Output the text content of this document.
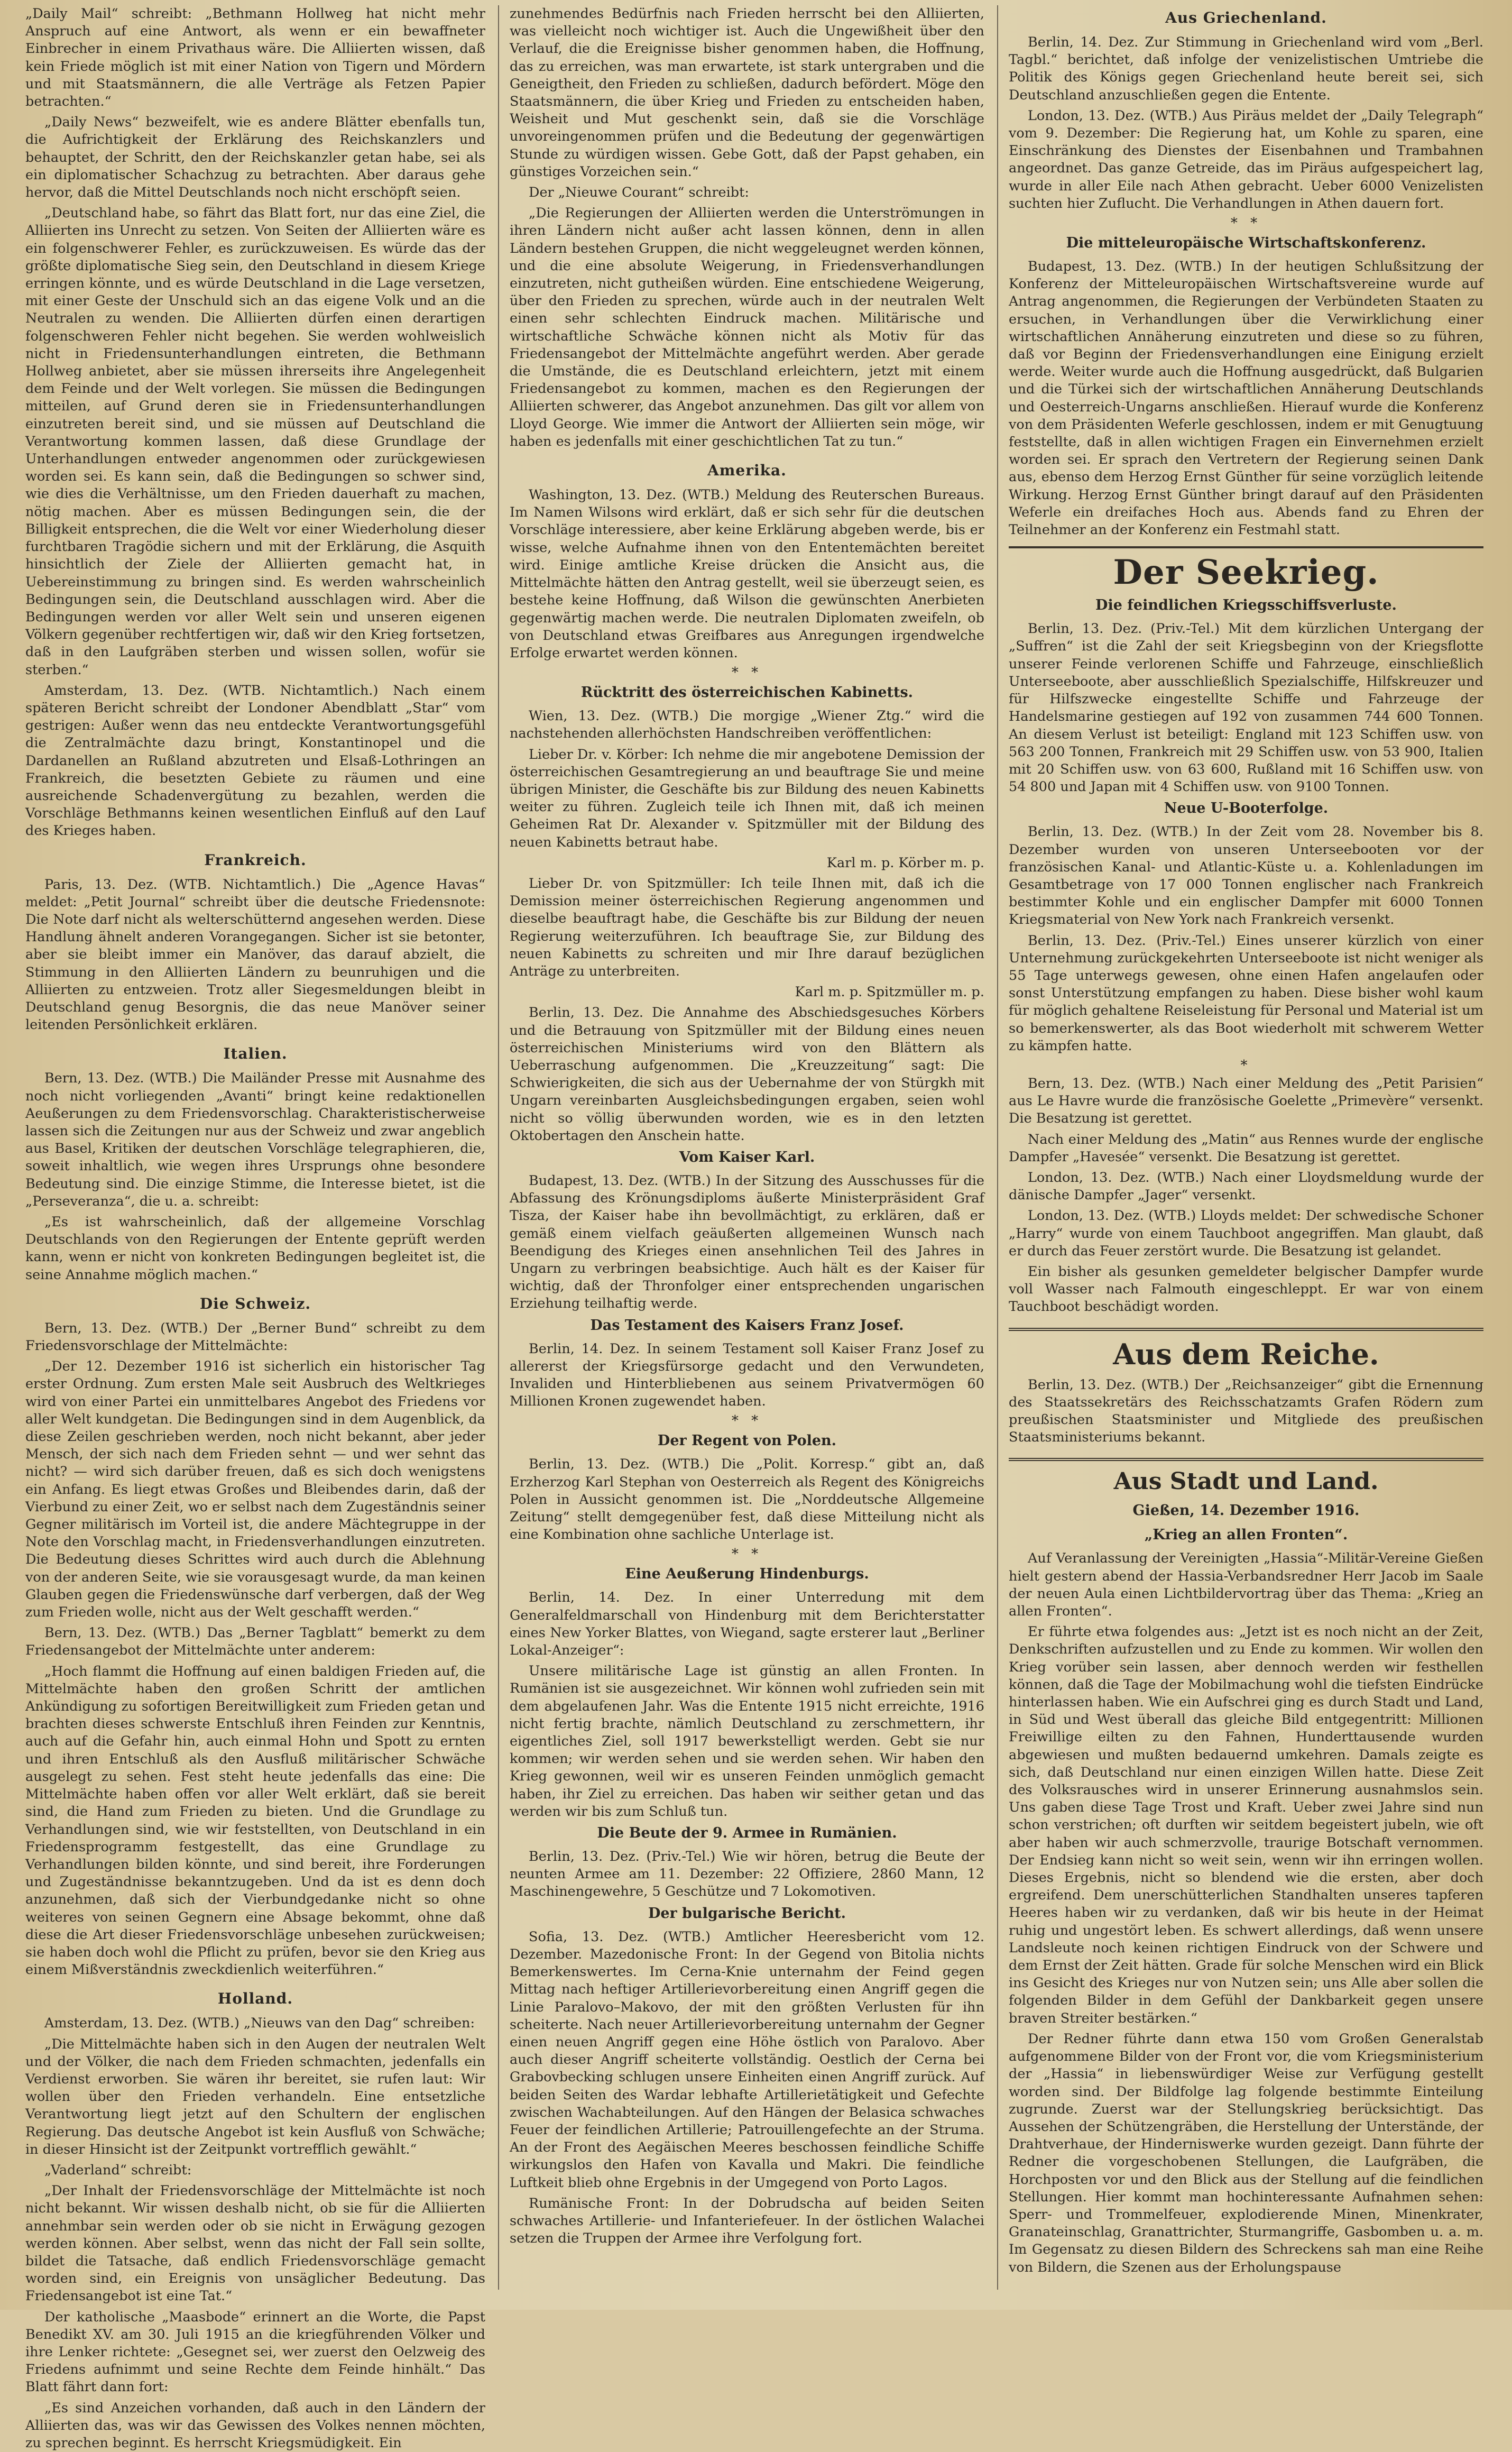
„Daily Mail“ schreibt: „Bethmann Hollweg hat nicht mehr Anspruch auf eine Antwort, als wenn er ein bewaffneter Einbrecher in einem Privathaus wäre. Die Alliierten wissen, daß kein Friede möglich ist mit einer Nation von Tigern und Mördern und mit Staatsmännern, die alle Verträge als Fetzen Papier betrachten.“

„Daily News“ bezweifelt, wie es andere Blätter ebenfalls tun, die Aufrichtigkeit der Erklärung des Reichskanzlers und behauptet, der Schritt, den der Reichskanzler getan habe, sei als ein diplomatischer Schachzug zu betrachten. Aber daraus gehe hervor, daß die Mittel Deutschlands noch nicht erschöpft seien.

„Deutschland habe, so fährt das Blatt fort, nur das eine Ziel, die Alliierten ins Unrecht zu setzen. Von Seiten der Alliierten wäre es ein folgenschwerer Fehler, es zurückzuweisen. Es würde das der größte diplomatische Sieg sein, den Deutschland in diesem Kriege erringen könnte, und es würde Deutschland in die Lage versetzen, mit einer Geste der Unschuld sich an das eigene Volk und an die Neutralen zu wenden. Die Alliierten dürfen einen derartigen folgenschweren Fehler nicht begehen. Sie werden wohlweislich nicht in Friedensunterhandlungen eintreten, die Bethmann Hollweg anbietet, aber sie müssen ihrerseits ihre Angelegenheit dem Feinde und der Welt vorlegen. Sie müssen die Bedingungen mitteilen, auf Grund deren sie in Friedensunterhandlungen einzutreten bereit sind, und sie müssen auf Deutschland die Verantwortung kommen lassen, daß diese Grundlage der Unterhandlungen entweder angenommen oder zurückgewiesen worden sei. Es kann sein, daß die Bedingungen so schwer sind, wie dies die Verhältnisse, um den Frieden dauerhaft zu machen, nötig machen. Aber es müssen Bedingungen sein, die der Billigkeit entsprechen, die die Welt vor einer Wiederholung dieser furchtbaren Tragödie sichern und mit der Erklärung, die Asquith hinsichtlich der Ziele der Alliierten gemacht hat, in Uebereinstimmung zu bringen sind. Es werden wahrscheinlich Bedingungen sein, die Deutschland ausschlagen wird. Aber die Bedingungen werden vor aller Welt sein und unseren eigenen Völkern gegenüber rechtfertigen wir, daß wir den Krieg fortsetzen, daß in den Laufgräben sterben und wissen sollen, wofür sie sterben.“

Amsterdam, 13. Dez. (WTB. Nichtamtlich.) Nach einem späteren Bericht schreibt der Londoner Abendblatt „Star“ vom gestrigen: Außer wenn das neu entdeckte Verantwortungsgefühl die Zentralmächte dazu bringt, Konstantinopel und die Dardanellen an Rußland abzutreten und Elsaß-Lothringen an Frankreich, die besetzten Gebiete zu räumen und eine ausreichende Schadenvergütung zu bezahlen, werden die Vorschläge Bethmanns keinen wesentlichen Einfluß auf den Lauf des Krieges haben.

Frankreich.

Paris, 13. Dez. (WTB. Nichtamtlich.) Die „Agence Havas“ meldet: „Petit Journal“ schreibt über die deutsche Friedensnote: Die Note darf nicht als welterschütternd angesehen werden. Diese Handlung ähnelt anderen Vorangegangen. Sicher ist sie betonter, aber sie bleibt immer ein Manöver, das darauf abzielt, die Stimmung in den Alliierten Ländern zu beunruhigen und die Alliierten zu entzweien. Trotz aller Siegesmeldungen bleibt in Deutschland genug Besorgnis, die das neue Manöver seiner leitenden Persönlichkeit erklären.

Italien.

Bern, 13. Dez. (WTB.) Die Mailänder Presse mit Ausnahme des noch nicht vorliegenden „Avanti“ bringt keine redaktionellen Aeußerungen zu dem Friedensvorschlag. Charakteristischerweise lassen sich die Zeitungen nur aus der Schweiz und zwar angeblich aus Basel, Kritiken der deutschen Vorschläge telegraphieren, die, soweit inhaltlich, wie wegen ihres Ursprungs ohne besondere Bedeutung sind. Die einzige Stimme, die Interesse bietet, ist die „Perseveranza“, die u. a. schreibt:

„Es ist wahrscheinlich, daß der allgemeine Vorschlag Deutschlands von den Regierungen der Entente geprüft werden kann, wenn er nicht von konkreten Bedingungen begleitet ist, die seine Annahme möglich machen.“

Die Schweiz.

Bern, 13. Dez. (WTB.) Der „Berner Bund“ schreibt zu dem Friedensvorschlage der Mittelmächte:

„Der 12. Dezember 1916 ist sicherlich ein historischer Tag erster Ordnung. Zum ersten Male seit Ausbruch des Weltkrieges wird von einer Partei ein unmittelbares Angebot des Friedens vor aller Welt kundgetan. Die Bedingungen sind in dem Augenblick, da diese Zeilen geschrieben werden, noch nicht bekannt, aber jeder Mensch, der sich nach dem Frieden sehnt — und wer sehnt das nicht? — wird sich darüber freuen, daß es sich doch wenigstens ein Anfang. Es liegt etwas Großes und Bleibendes darin, daß der Vierbund zu einer Zeit, wo er selbst nach dem Zugeständnis seiner Gegner militärisch im Vorteil ist, die andere Mächtegruppe in der Note den Vorschlag macht, in Friedensverhandlungen einzutreten. Die Bedeutung dieses Schrittes wird auch durch die Ablehnung von der anderen Seite, wie sie vorausgesagt wurde, da man keinen Glauben gegen die Friedenswünsche darf verbergen, daß der Weg zum Frieden wolle, nicht aus der Welt geschafft werden.“

Bern, 13. Dez. (WTB.) Das „Berner Tagblatt“ bemerkt zu dem Friedensangebot der Mittelmächte unter anderem:

„Hoch flammt die Hoffnung auf einen baldigen Frieden auf, die Mittelmächte haben den großen Schritt der amtlichen Ankündigung zu sofortigen Bereitwilligkeit zum Frieden getan und brachten dieses schwerste Entschluß ihren Feinden zur Kenntnis, auch auf die Gefahr hin, auch einmal Hohn und Spott zu ernten und ihren Entschluß als den Ausfluß militärischer Schwäche ausgelegt zu sehen. Fest steht heute jedenfalls das eine: Die Mittelmächte haben offen vor aller Welt erklärt, daß sie bereit sind, die Hand zum Frieden zu bieten. Und die Grundlage zu Verhandlungen sind, wie wir feststellten, von Deutschland in ein Friedensprogramm festgestellt, das eine Grundlage zu Verhandlungen bilden könnte, und sind bereit, ihre Forderungen und Zugeständnisse bekanntzugeben. Und da ist es denn doch anzunehmen, daß sich der Vierbundgedanke nicht so ohne weiteres von seinen Gegnern eine Absage bekommt, ohne daß diese die Art dieser Friedensvorschläge unbesehen zurückweisen; sie haben doch wohl die Pflicht zu prüfen, bevor sie den Krieg aus einem Mißverständnis zweckdienlich weiterführen.“

Holland.

Amsterdam, 13. Dez. (WTB.) „Nieuws van den Dag“ schreiben:

„Die Mittelmächte haben sich in den Augen der neutralen Welt und der Völker, die nach dem Frieden schmachten, jedenfalls ein Verdienst erworben. Sie wären ihr bereitet, sie rufen laut: Wir wollen über den Frieden verhandeln. Eine entsetzliche Verantwortung liegt jetzt auf den Schultern der englischen Regierung. Das deutsche Angebot ist kein Ausfluß von Schwäche; in dieser Hinsicht ist der Zeitpunkt vortrefflich gewählt.“

„Vaderland“ schreibt:

„Der Inhalt der Friedensvorschläge der Mittelmächte ist noch nicht bekannt. Wir wissen deshalb nicht, ob sie für die Alliierten annehmbar sein werden oder ob sie nicht in Erwägung gezogen werden können. Aber selbst, wenn das nicht der Fall sein sollte, bildet die Tatsache, daß endlich Friedensvorschläge gemacht worden sind, ein Ereignis von unsäglicher Bedeutung. Das Friedensangebot ist eine Tat.“

Der katholische „Maasbode“ erinnert an die Worte, die Papst Benedikt XV. am 30. Juli 1915 an die kriegführenden Völker und ihre Lenker richtete: „Gesegnet sei, wer zuerst den Oelzweig des Friedens aufnimmt und seine Rechte dem Feinde hinhält.“ Das Blatt fährt dann fort:

„Es sind Anzeichen vorhanden, daß auch in den Ländern der Alliierten das, was wir das Gewissen des Volkes nennen möchten, zu sprechen beginnt. Es herrscht Kriegsmüdigkeit. Ein

zunehmendes Bedürfnis nach Frieden herrscht bei den Alliierten, was vielleicht noch wichtiger ist. Auch die Ungewißheit über den Verlauf, die die Ereignisse bisher genommen haben, die Hoffnung, das zu erreichen, was man erwartete, ist stark untergraben und die Geneigtheit, den Frieden zu schließen, dadurch befördert. Möge den Staatsmännern, die über Krieg und Frieden zu entscheiden haben, Weisheit und Mut geschenkt sein, daß sie die Vorschläge unvoreingenommen prüfen und die Bedeutung der gegenwärtigen Stunde zu würdigen wissen. Gebe Gott, daß der Papst gehaben, ein günstiges Vorzeichen sein.“

Der „Nieuwe Courant“ schreibt:

„Die Regierungen der Alliierten werden die Unterströmungen in ihren Ländern nicht außer acht lassen können, denn in allen Ländern bestehen Gruppen, die nicht weggeleugnet werden können, und die eine absolute Weigerung, in Friedensverhandlungen einzutreten, nicht gutheißen würden. Eine entschiedene Weigerung, über den Frieden zu sprechen, würde auch in der neutralen Welt einen sehr schlechten Eindruck machen. Militärische und wirtschaftliche Schwäche können nicht als Motiv für das Friedensangebot der Mittelmächte angeführt werden. Aber gerade die Umstände, die es Deutschland erleichtern, jetzt mit einem Friedensangebot zu kommen, machen es den Regierungen der Alliierten schwerer, das Angebot anzunehmen. Das gilt vor allem von Lloyd George. Wie immer die Antwort der Alliierten sein möge, wir haben es jedenfalls mit einer geschichtlichen Tat zu tun.“

Amerika.

Washington, 13. Dez. (WTB.) Meldung des Reuterschen Bureaus. Im Namen Wilsons wird erklärt, daß er sich sehr für die deutschen Vorschläge interessiere, aber keine Erklärung abgeben werde, bis er wisse, welche Aufnahme ihnen von den Ententemächten bereitet wird. Einige amtliche Kreise drücken die Ansicht aus, die Mittelmächte hätten den Antrag gestellt, weil sie überzeugt seien, es bestehe keine Hoffnung, daß Wilson die gewünschten Anerbieten gegenwärtig machen werde. Die neutralen Diplomaten zweifeln, ob von Deutschland etwas Greifbares aus Anregungen irgendwelche Erfolge erwartet werden können.

* *
Rücktritt des österreichischen Kabinetts.

Wien, 13. Dez. (WTB.) Die morgige „Wiener Ztg.“ wird die nachstehenden allerhöchsten Handschreiben veröffentlichen:

Lieber Dr. v. Körber: Ich nehme die mir angebotene Demission der österreichischen Gesamtregierung an und beauftrage Sie und meine übrigen Minister, die Geschäfte bis zur Bildung des neuen Kabinetts weiter zu führen. Zugleich teile ich Ihnen mit, daß ich meinen Geheimen Rat Dr. Alexander v. Spitzmüller mit der Bildung des neuen Kabinetts betraut habe.

Karl m. p. Körber m. p.

Lieber Dr. von Spitzmüller: Ich teile Ihnen mit, daß ich die Demission meiner österreichischen Regierung angenommen und dieselbe beauftragt habe, die Geschäfte bis zur Bildung der neuen Regierung weiterzuführen. Ich beauftrage Sie, zur Bildung des neuen Kabinetts zu schreiten und mir Ihre darauf bezüglichen Anträge zu unterbreiten.

Karl m. p. Spitzmüller m. p.

Berlin, 13. Dez. Die Annahme des Abschiedsgesuches Körbers und die Betrauung von Spitzmüller mit der Bildung eines neuen österreichischen Ministeriums wird von den Blättern als Ueberraschung aufgenommen. Die „Kreuzzeitung“ sagt: Die Schwierigkeiten, die sich aus der Uebernahme der von Stürgkh mit Ungarn vereinbarten Ausgleichsbedingungen ergaben, seien wohl nicht so völlig überwunden worden, wie es in den letzten Oktobertagen den Anschein hatte.

Vom Kaiser Karl.

Budapest, 13. Dez. (WTB.) In der Sitzung des Ausschusses für die Abfassung des Krönungsdiploms äußerte Ministerpräsident Graf Tisza, der Kaiser habe ihn bevollmächtigt, zu erklären, daß er gemäß einem vielfach geäußerten allgemeinen Wunsch nach Beendigung des Krieges einen ansehnlichen Teil des Jahres in Ungarn zu verbringen beabsichtige. Auch hält es der Kaiser für wichtig, daß der Thronfolger einer entsprechenden ungarischen Erziehung teilhaftig werde.

Das Testament des Kaisers Franz Josef.

Berlin, 14. Dez. In seinem Testament soll Kaiser Franz Josef zu allererst der Kriegsfürsorge gedacht und den Verwundeten, Invaliden und Hinterbliebenen aus seinem Privatvermögen 60 Millionen Kronen zugewendet haben.

* *
Der Regent von Polen.

Berlin, 13. Dez. (WTB.) Die „Polit. Korresp.“ gibt an, daß Erzherzog Karl Stephan von Oesterreich als Regent des Königreichs Polen in Aussicht genommen ist. Die „Norddeutsche Allgemeine Zeitung“ stellt demgegenüber fest, daß diese Mitteilung nicht als eine Kombination ohne sachliche Unterlage ist.

* *
Eine Aeußerung Hindenburgs.

Berlin, 14. Dez. In einer Unterredung mit dem Generalfeldmarschall von Hindenburg mit dem Berichterstatter eines New Yorker Blattes, von Wiegand, sagte ersterer laut „Berliner Lokal-Anzeiger“:

Unsere militärische Lage ist günstig an allen Fronten. In Rumänien ist sie ausgezeichnet. Wir können wohl zufrieden sein mit dem abgelaufenen Jahr. Was die Entente 1915 nicht erreichte, 1916 nicht fertig brachte, nämlich Deutschland zu zerschmettern, ihr eigentliches Ziel, soll 1917 bewerkstelligt werden. Gebt sie nur kommen; wir werden sehen und sie werden sehen. Wir haben den Krieg gewonnen, weil wir es unseren Feinden unmöglich gemacht haben, ihr Ziel zu erreichen. Das haben wir seither getan und das werden wir bis zum Schluß tun.

Die Beute der 9. Armee in Rumänien.

Berlin, 13. Dez. (Priv.-Tel.) Wie wir hören, betrug die Beute der neunten Armee am 11. Dezember: 22 Offiziere, 2860 Mann, 12 Maschinengewehre, 5 Geschütze und 7 Lokomotiven.

Der bulgarische Bericht.

Sofia, 13. Dez. (WTB.) Amtlicher Heeresbericht vom 12. Dezember. Mazedonische Front: In der Gegend von Bitolia nichts Bemerkenswertes. Im Cerna-Knie unternahm der Feind gegen Mittag nach heftiger Artillerievorbereitung einen Angriff gegen die Linie Paralovo–Makovo, der mit den größten Verlusten für ihn scheiterte. Nach neuer Artillerievorbereitung unternahm der Gegner einen neuen Angriff gegen eine Höhe östlich von Paralovo. Aber auch dieser Angriff scheiterte vollständig. Oestlich der Cerna bei Grabovbecking schlugen unsere Einheiten einen Angriff zurück. Auf beiden Seiten des Wardar lebhafte Artillerietätigkeit und Gefechte zwischen Wachabteilungen. Auf den Hängen der Belasica schwaches Feuer der feindlichen Artillerie; Patrouillengefechte an der Struma. An der Front des Aegäischen Meeres beschossen feindliche Schiffe wirkungslos den Hafen von Kavalla und Makri. Die feindliche Luftkeit blieb ohne Ergebnis in der Umgegend von Porto Lagos.

Rumänische Front: In der Dobrudscha auf beiden Seiten schwaches Artillerie- und Infanteriefeuer. In der östlichen Walachei setzen die Truppen der Armee ihre Verfolgung fort.

Aus Griechenland.

Berlin, 14. Dez. Zur Stimmung in Griechenland wird vom „Berl. Tagbl.“ berichtet, daß infolge der venizelistischen Umtriebe die Politik des Königs gegen Griechenland heute bereit sei, sich Deutschland anzuschließen gegen die Entente.

London, 13. Dez. (WTB.) Aus Piräus meldet der „Daily Telegraph“ vom 9. Dezember: Die Regierung hat, um Kohle zu sparen, eine Einschränkung des Dienstes der Eisenbahnen und Trambahnen angeordnet. Das ganze Getreide, das im Piräus aufgespeichert lag, wurde in aller Eile nach Athen gebracht. Ueber 6000 Venizelisten suchten hier Zuflucht. Die Verhandlungen in Athen dauern fort.

* *
Die mitteleuropäische Wirtschaftskonferenz.

Budapest, 13. Dez. (WTB.) In der heutigen Schlußsitzung der Konferenz der Mitteleuropäischen Wirtschaftsvereine wurde auf Antrag angenommen, die Regierungen der Verbündeten Staaten zu ersuchen, in Verhandlungen über die Verwirklichung einer wirtschaftlichen Annäherung einzutreten und diese so zu führen, daß vor Beginn der Friedensverhandlungen eine Einigung erzielt werde. Weiter wurde auch die Hoffnung ausgedrückt, daß Bulgarien und die Türkei sich der wirtschaftlichen Annäherung Deutschlands und Oesterreich-Ungarns anschließen. Hierauf wurde die Konferenz von dem Präsidenten Weferle geschlossen, indem er mit Genugtuung feststellte, daß in allen wichtigen Fragen ein Einvernehmen erzielt worden sei. Er sprach den Vertretern der Regierung seinen Dank aus, ebenso dem Herzog Ernst Günther für seine vorzüglich leitende Wirkung. Herzog Ernst Günther bringt darauf auf den Präsidenten Weferle ein dreifaches Hoch aus. Abends fand zu Ehren der Teilnehmer an der Konferenz ein Festmahl statt.

Der Seekrieg.
Die feindlichen Kriegsschiffsverluste.

Berlin, 13. Dez. (Priv.-Tel.) Mit dem kürzlichen Untergang der „Suffren“ ist die Zahl der seit Kriegsbeginn von der Kriegsflotte unserer Feinde verlorenen Schiffe und Fahrzeuge, einschließlich Unterseeboote, aber ausschließlich Spezialschiffe, Hilfskreuzer und für Hilfszwecke eingestellte Schiffe und Fahrzeuge der Handelsmarine gestiegen auf 192 von zusammen 744 600 Tonnen. An diesem Verlust ist beteiligt: England mit 123 Schiffen usw. von 563 200 Tonnen, Frankreich mit 29 Schiffen usw. von 53 900, Italien mit 20 Schiffen usw. von 63 600, Rußland mit 16 Schiffen usw. von 54 800 und Japan mit 4 Schiffen usw. von 9100 Tonnen.

Neue U-Booterfolge.

Berlin, 13. Dez. (WTB.) In der Zeit vom 28. November bis 8. Dezember wurden von unseren Unterseebooten vor der französischen Kanal- und Atlantic-Küste u. a. Kohlenladungen im Gesamtbetrage von 17 000 Tonnen englischer nach Frankreich bestimmter Kohle und ein englischer Dampfer mit 6000 Tonnen Kriegsmaterial von New York nach Frankreich versenkt.

Berlin, 13. Dez. (Priv.-Tel.) Eines unserer kürzlich von einer Unternehmung zurückgekehrten Unterseeboote ist nicht weniger als 55 Tage unterwegs gewesen, ohne einen Hafen angelaufen oder sonst Unterstützung empfangen zu haben. Diese bisher wohl kaum für möglich gehaltene Reiseleistung für Personal und Material ist um so bemerkenswerter, als das Boot wiederholt mit schwerem Wetter zu kämpfen hatte.

*

Bern, 13. Dez. (WTB.) Nach einer Meldung des „Petit Parisien“ aus Le Havre wurde die französische Goelette „Primevère“ versenkt. Die Besatzung ist gerettet.

Nach einer Meldung des „Matin“ aus Rennes wurde der englische Dampfer „Havesée“ versenkt. Die Besatzung ist gerettet.

London, 13. Dez. (WTB.) Nach einer Lloydsmeldung wurde der dänische Dampfer „Jager“ versenkt.

London, 13. Dez. (WTB.) Lloyds meldet: Der schwedische Schoner „Harry“ wurde von einem Tauchboot angegriffen. Man glaubt, daß er durch das Feuer zerstört wurde. Die Besatzung ist gelandet.

Ein bisher als gesunken gemeldeter belgischer Dampfer wurde voll Wasser nach Falmouth eingeschleppt. Er war von einem Tauchboot beschädigt worden.

Aus dem Reiche.

Berlin, 13. Dez. (WTB.) Der „Reichsanzeiger“ gibt die Ernennung des Staatssekretärs des Reichsschatzamts Grafen Rödern zum preußischen Staatsminister und Mitgliede des preußischen Staatsministeriums bekannt.

Aus Stadt und Land.
Gießen, 14. Dezember 1916.
„Krieg an allen Fronten“.

Auf Veranlassung der Vereinigten „Hassia“-Militär-Vereine Gießen hielt gestern abend der Hassia-Verbandsredner Herr Jacob im Saale der neuen Aula einen Lichtbildervortrag über das Thema: „Krieg an allen Fronten“.

Er führte etwa folgendes aus: „Jetzt ist es noch nicht an der Zeit, Denkschriften aufzustellen und zu Ende zu kommen. Wir wollen den Krieg vorüber sein lassen, aber dennoch werden wir festhellen können, daß die Tage der Mobilmachung wohl die tiefsten Eindrücke hinterlassen haben. Wie ein Aufschrei ging es durch Stadt und Land, in Süd und West überall das gleiche Bild entgegentritt: Millionen Freiwillige eilten zu den Fahnen, Hunderttausende wurden abgewiesen und mußten bedauernd umkehren. Damals zeigte es sich, daß Deutschland nur einen einzigen Willen hatte. Diese Zeit des Volksrausches wird in unserer Erinnerung ausnahmslos sein. Uns gaben diese Tage Trost und Kraft. Ueber zwei Jahre sind nun schon verstrichen; oft durften wir seitdem begeistert jubeln, wie oft aber haben wir auch schmerzvolle, traurige Botschaft vernommen. Der Endsieg kann nicht so weit sein, wenn wir ihn erringen wollen. Dieses Ergebnis, nicht so blendend wie die ersten, aber doch ergreifend. Dem unerschütterlichen Standhalten unseres tapferen Heeres haben wir zu verdanken, daß wir bis heute in der Heimat ruhig und ungestört leben. Es schwert allerdings, daß wenn unsere Landsleute noch keinen richtigen Eindruck von der Schwere und dem Ernst der Zeit hätten. Grade für solche Menschen wird ein Blick ins Gesicht des Krieges nur von Nutzen sein; uns Alle aber sollen die folgenden Bilder in dem Gefühl der Dankbarkeit gegen unsere braven Streiter bestärken.“

Der Redner führte dann etwa 150 vom Großen Generalstab aufgenommene Bilder von der Front vor, die vom Kriegsministerium der „Hassia“ in liebenswürdiger Weise zur Verfügung gestellt worden sind. Der Bildfolge lag folgende bestimmte Einteilung zugrunde. Zuerst war der Stellungskrieg berücksichtigt. Das Aussehen der Schützengräben, die Herstellung der Unterstände, der Drahtverhaue, der Hinderniswerke wurden gezeigt. Dann führte der Redner die vorgeschobenen Stellungen, die Laufgräben, die Horchposten vor und den Blick aus der Stellung auf die feindlichen Stellungen. Hier kommt man hochinteressante Aufnahmen sehen: Sperr- und Trommelfeuer, explodierende Minen, Minenkrater, Granateinschlag, Granattrichter, Sturmangriffe, Gasbomben u. a. m. Im Gegensatz zu diesen Bildern des Schreckens sah man eine Reihe von Bildern, die Szenen aus der Erholungspause
